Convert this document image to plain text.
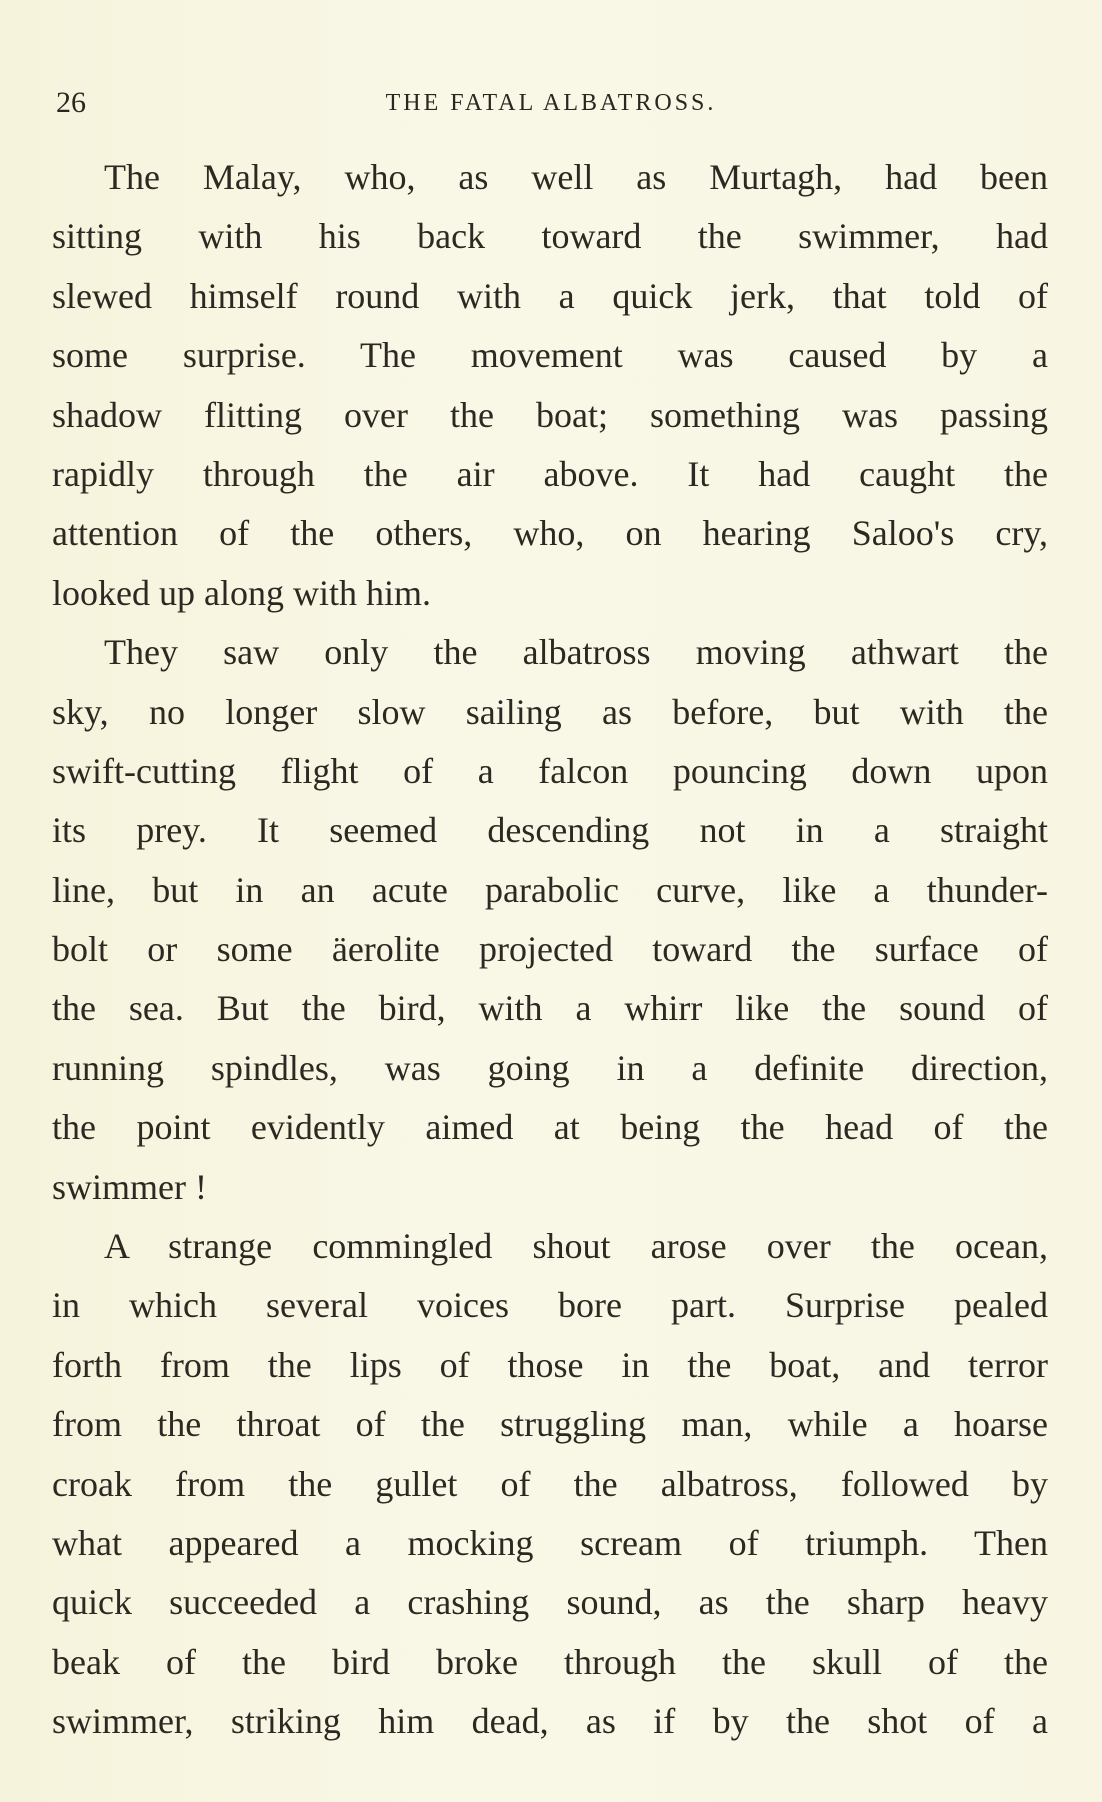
26	THE FATAL ALBATROSS.
The Malay, who, as well as Murtagh, had been
sitting with his back toward the swimmer, had
slewed himself round with a quick jerk, that told of
some surprise. The movement was caused by a
shadow flitting over the boat; something was passing
rapidly through the air above. It had caught the
attention of the others, who, on hearing Saloo's cry,
looked up along with him.
They saw only the albatross moving athwart the
sky, no longer slow sailing as before, but with the
swift-cutting flight of a falcon pouncing down upon
its prey. It seemed descending not in a straight
line, but in an acute parabolic curve, like a thunder-
bolt or some äerolite projected toward the surface of
the sea. But the bird, with a whirr like the sound of
running spindles, was going in a definite direction,
the point evidently aimed at being the head of the
swimmer !
A strange commingled shout arose over the ocean,
in which several voices bore part. Surprise pealed
forth from the lips of those in the boat, and terror
from the throat of the struggling man, while a hoarse
croak from the gullet of the albatross, followed by
what appeared a mocking scream of triumph. Then
quick succeeded a crashing sound, as the sharp heavy
beak of the bird broke through the skull of the
swimmer, striking him dead, as if by the shot of a
